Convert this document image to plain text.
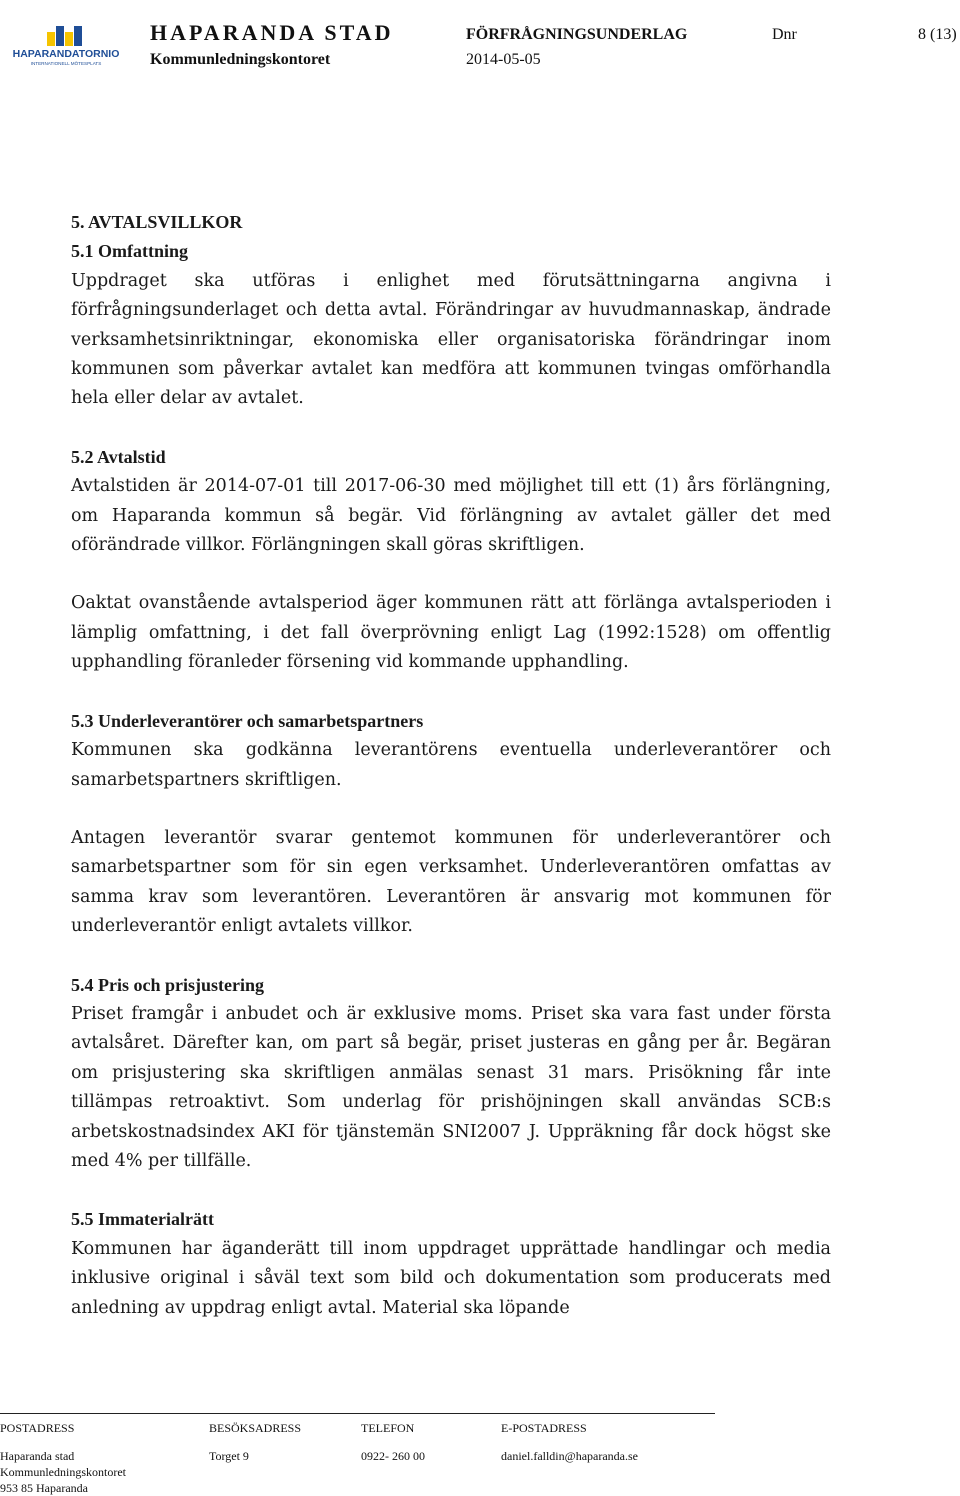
HAPARANDATORNIO
INTERNATIONELL MÖTESPLATS
HAPARANDA STAD
Kommunledningskontoret
FÖRFRÅGNINGSUNDERLAG
2014-05-05
Dnr	8 (13)
5. AVTALSVILLKOR
5.1 Omfattning

Uppdraget ska utföras i enlighet med förutsättningarna angivna i förfrågningsunderlaget och detta avtal. Förändringar av huvudmannaskap, ändrade verksamhetsinriktningar, ekonomiska eller organisatoriska förändringar inom kommunen som påverkar avtalet kan medföra att kommunen tvingas omförhandla hela eller delar av avtalet.

5.2 Avtalstid

Avtalstiden är 2014-07-01 till 2017-06-30 med möjlighet till ett (1) års förlängning, om Haparanda kommun så begär. Vid förlängning av avtalet gäller det med oförändrade villkor. Förlängningen skall göras skriftligen.

Oaktat ovanstående avtalsperiod äger kommunen rätt att förlänga avtalsperioden i lämplig omfattning, i det fall överprövning enligt Lag (1992:1528) om offentlig upphandling föranleder försening vid kommande upphandling.

5.3 Underleverantörer och samarbetspartners

Kommunen ska godkänna leverantörens eventuella underleverantörer och samarbetspartners skriftligen.

Antagen leverantör svarar gentemot kommunen för underleverantörer och samarbetspartner som för sin egen verksamhet. Underleverantören omfattas av samma krav som leverantören. Leverantören är ansvarig mot kommunen för underleverantör enligt avtalets villkor.

5.4 Pris och prisjustering

Priset framgår i anbudet och är exklusive moms. Priset ska vara fast under första avtalsåret. Därefter kan, om part så begär, priset justeras en gång per år. Begäran om prisjustering ska skriftligen anmälas senast 31 mars. Prisökning får inte tillämpas retroaktivt. Som underlag för prishöjningen skall användas SCB:s arbetskostnadsindex AKI för tjänstemän SNI2007 J. Uppräkning får dock högst ske med 4% per tillfälle.

5.5 Immaterialrätt

Kommunen har äganderätt till inom uppdraget upprättade handlingar och media inklusive original i såväl text som bild och dokumentation som producerats med anledning av uppdrag enligt avtal. Material ska löpande

POSTADRESS
Haparanda stad
Kommunledningskontoret
953 85 Haparanda
BESÖKSADRESS
Torget 9
TELEFON
0922- 260 00
E-POSTADRESS
daniel.falldin@haparanda.se
